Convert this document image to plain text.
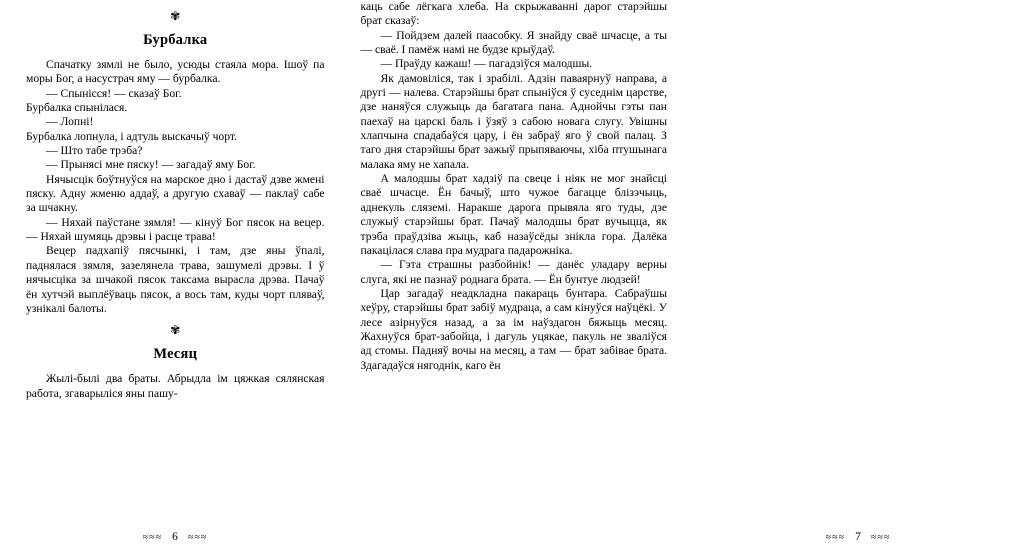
✾
Бурбалка

Спачатку зямлі не было, усюды стаяла мора. Ішоў па моры Бог, а насустрач яму — бурбалка.

— Спынісся! — сказаў Бог.

Бурбалка спынілася.

— Лопні!

Бурбалка лопнула, і адтуль выскачыў чорт.

— Што табе трэба?

— Прынясі мне пяску! — загадаў яму Бог.

Нячысцік боўтнуўся на марское дно і дастаў дзве жмені пяску. Адну жменю аддаў, а другую схаваў — паклаў сабе за шчакну.

— Няхай паўстане зямля! — кінуў Бог пясок на вецер. — Няхай шумяць дрэвы і расце трава!

Вецер падхапіў пясчынкі, і там, дзе яны ўпалі, паднялася зямля, зазелянела трава, зашумелі дрэвы. І ў нячысціка за шчакой пясок таксама вырасла дрэва. Пачаў ён хутчэй выплёўваць пясок, а вось там, куды чорт пляваў, узнікалі балоты.

✾
Месяц

Жылі-былі два браты. Абрыдла ім цяжкая сялянская работа, згаварыліся яны пашу-

≈≈≈ 6 ≈≈≈

каць сабе лёгкага хлеба. На скрыжаванні дарог старэйшы брат сказаў:

— Пойдзем далей паасобку. Я знайду сваё шчасце, а ты — сваё. І памёж намі не будзе крыўдаў.

— Праўду кажаш! — пагадзіўся малодшы.

Як дамовіліся, так і зрабілі. Адзін паваярнуў направа, а другі — налева. Старэйшы брат спыніўся ў суседнім царстве, дзе наняўся служыць да багатага пана. Аднойчы гэты пан паехаў на царскі баль і ўзяў з сабою новага слугу. Увішны хлапчына спадабаўся цару, і ён забраў яго ў свой палац. З таго дня старэйшы брат зажыў прыпяваючы, хіба птушынага малака яму не хапала.

А малодшы брат хадзіў па свеце і ніяк не мог знайсці сваё шчасце. Ён бачыў, што чужое багацце блізэчыць, аднекуль сляземі. Наракше дарога прывяла яго туды, дзе служыў старэйшы брат. Пачаў малодшы брат вучыцца, як трэба праўдзіва жыць, каб назаўсёды знікла гора. Далёка пакацілася слава пра мудрага падарожніка.

— Гэта страшны разбойнік! — данёс уладару верны слуга, які не пазнаў роднага брата. — Ён бунтуе людзей!

Цар загадаў неадкладна пакараць бунтара. Сабраўшы хеўру, старэйшы брат забіў мудраца, а сам кінуўся наўцёкі. У лесе азірнуўся назад, а за ім наўздагон бяжыць месяц. Жахнуўся брат-забойца, і дагуль уцякае, пакуль не зваліўся ад стомы. Падняў вочы на месяц, а там — брат забівае брата. Здагадаўся нягоднік, каго ён

≈≈≈ 7 ≈≈≈
